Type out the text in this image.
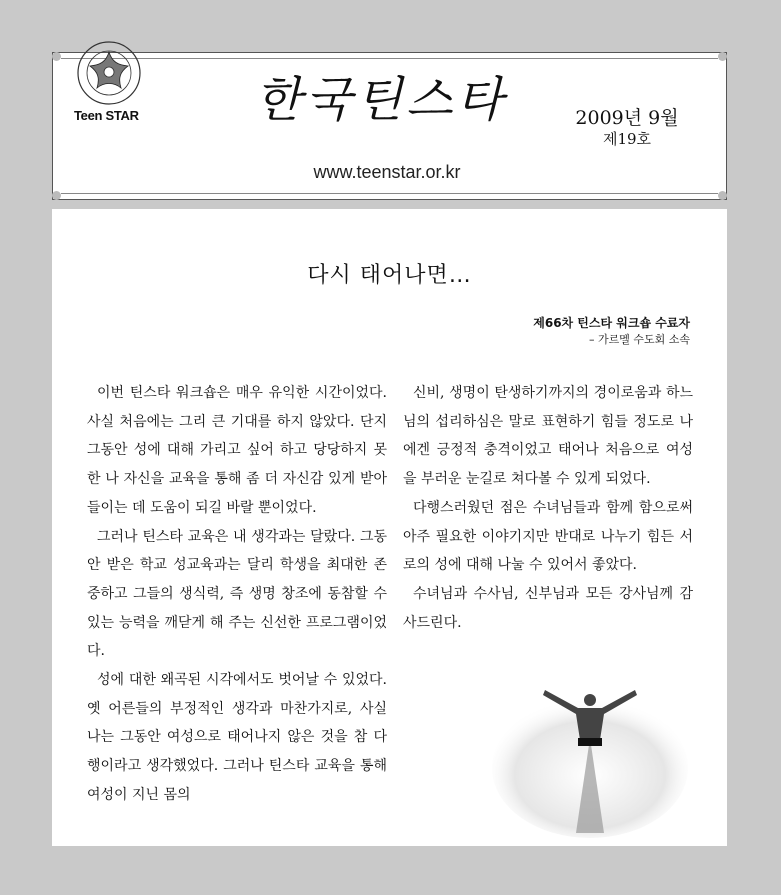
Teen STAR	한국틴스타	2009년 9월
제19호
www.teenstar.or.kr
다시 태어나면…
제66차 틴스타 워크숍 수료자
– 가르멜 수도회 소속

이번 틴스타 워크숍은 매우 유익한 시간이었다. 사실 처음에는 그리 큰 기대를 하지 않았다. 단지 그동안 성에 대해 가리고 싶어 하고 당당하지 못한 나 자신을 교육을 통해 좀 더 자신감 있게 받아들이는 데 도움이 되길 바랄 뿐이었다.

그러나 틴스타 교육은 내 생각과는 달랐다. 그동안 받은 학교 성교육과는 달리 학생을 최대한 존중하고 그들의 생식력, 즉 생명 창조에 동참할 수 있는 능력을 깨닫게 해 주는 신선한 프로그램이었다.

성에 대한 왜곡된 시각에서도 벗어날 수 있었다. 옛 어른들의 부정적인 생각과 마찬가지로, 사실 나는 그동안 여성으로 태어나지 않은 것을 참 다행이라고 생각했었다. 그러나 틴스타 교육을 통해 여성이 지닌 몸의

신비, 생명이 탄생하기까지의 경이로움과 하느님의 섭리하심은 말로 표현하기 힘들 정도로 나에겐 긍정적 충격이었고 태어나 처음으로 여성을 부러운 눈길로 쳐다볼 수 있게 되었다.

다행스러웠던 점은 수녀님들과 함께 함으로써 아주 필요한 이야기지만 반대로 나누기 힘든 서로의 성에 대해 나눌 수 있어서 좋았다.

수녀님과 수사님, 신부님과 모든 강사님께 감사드린다.
